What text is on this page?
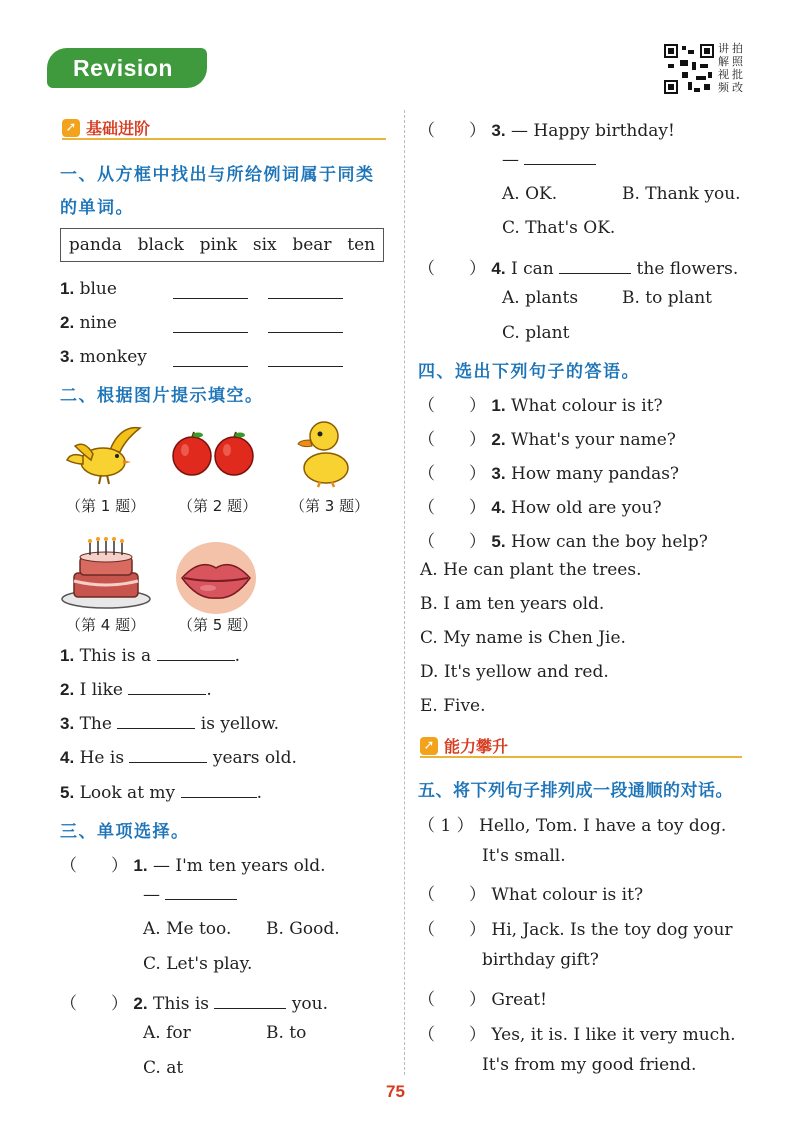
Revision
讲 拍
解 照
视 批
频 改
➚ 基础进阶
一、从方框中找出与所给例词属于同类
的单词。
panda black pink six bear ten
1. blue
2. nine
3. monkey
二、根据图片提示填空。
（第 1 题） （第 2 题） （第 3 题）
（第 4 题） （第 5 题）
1. This is a	.
2. I like	.
3. The	is yellow.
4. He is	years old.
5. Look at my	.
三、单项选择。
（　　） 1. — I'm ten years old.
—
A. Me too. B. Good.
C. Let's play.
（　　） 2. This is	you.
A. for	B. to
C. at
（　　） 3. — Happy birthday!
—
A. OK.	B. Thank you.
C. That's OK.
（　　） 4. I can	the flowers.
A. plants	B. to plant
C. plant
四、选出下列句子的答语。
（　　） 1. What colour is it?
（　　） 2. What's your name?
（　　） 3. How many pandas?
（　　） 4. How old are you?
（　　） 5. How can the boy help?
A. He can plant the trees.
B. I am ten years old.
C. My name is Chen Jie.
D. It's yellow and red.
E. Five.
➚ 能力攀升
五、将下列句子排列成一段通顺的对话。
（ 1 ） Hello, Tom. I have a toy dog.
It's small.
（　　） What colour is it?
（　　） Hi, Jack. Is the toy dog your
birthday gift?
（　　） Great!
（　　） Yes, it is. I like it very much.
It's from my good friend.
75
